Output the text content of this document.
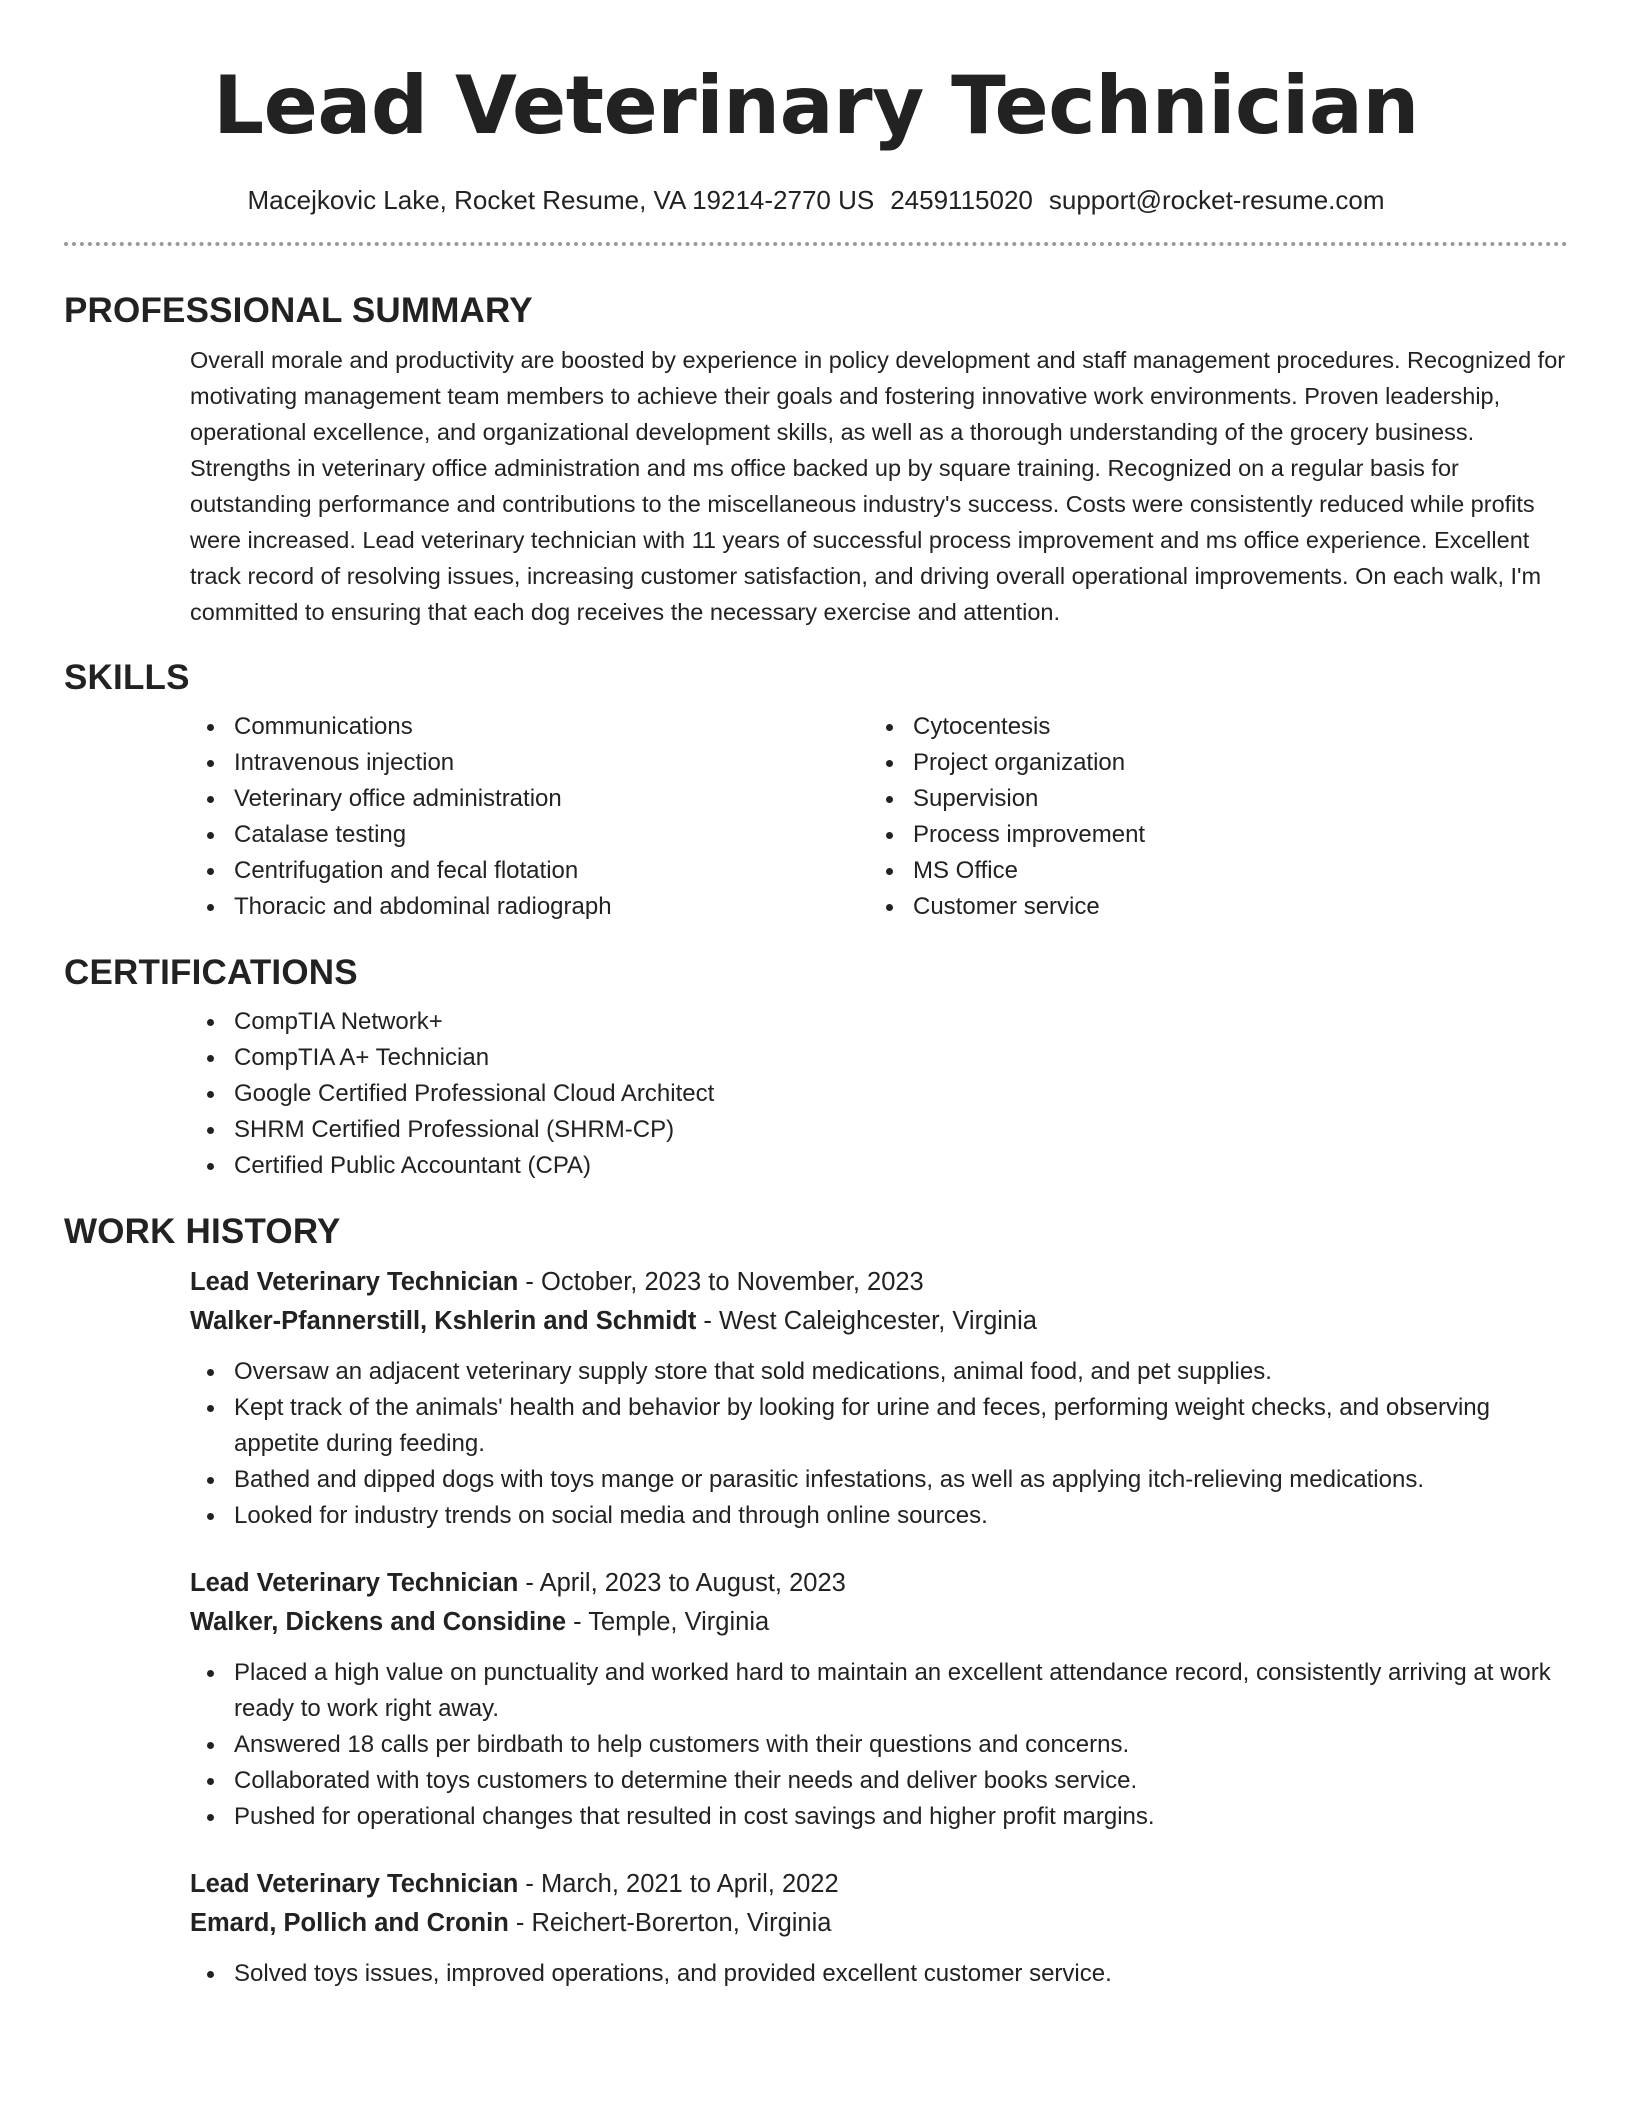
Lead Veterinary Technician
Macejkovic Lake, Rocket Resume, VA 19214-2770 US 2459115020 support@rocket-resume.com
PROFESSIONAL SUMMARY

Overall morale and productivity are boosted by experience in policy development and staff management procedures. Recognized for motivating management team members to achieve their goals and fostering innovative work environments. Proven leadership, operational excellence, and organizational development skills, as well as a thorough understanding of the grocery business. Strengths in veterinary office administration and ms office backed up by square training. Recognized on a regular basis for outstanding performance and contributions to the miscellaneous industry's success. Costs were consistently reduced while profits were increased. Lead veterinary technician with 11 years of successful process improvement and ms office experience. Excellent track record of resolving issues, increasing customer satisfaction, and driving overall operational improvements. On each walk, I'm committed to ensuring that each dog receives the necessary exercise and attention.

SKILLS
Communications
Intravenous injection
Veterinary office administration
Catalase testing
Centrifugation and fecal flotation
Thoracic and abdominal radiograph
Cytocentesis
Project organization
Supervision
Process improvement
MS Office
Customer service
CERTIFICATIONS
CompTIA Network+
CompTIA A+ Technician
Google Certified Professional Cloud Architect
SHRM Certified Professional (SHRM-CP)
Certified Public Accountant (CPA)
WORK HISTORY
Lead Veterinary Technician - October, 2023 to November, 2023
Walker-Pfannerstill, Kshlerin and Schmidt - West Caleighcester, Virginia
Oversaw an adjacent veterinary supply store that sold medications, animal food, and pet supplies.
Kept track of the animals' health and behavior by looking for urine and feces, performing weight checks, and observing appetite during feeding.
Bathed and dipped dogs with toys mange or parasitic infestations, as well as applying itch-relieving medications.
Looked for industry trends on social media and through online sources.
Lead Veterinary Technician - April, 2023 to August, 2023
Walker, Dickens and Considine - Temple, Virginia
Placed a high value on punctuality and worked hard to maintain an excellent attendance record, consistently arriving at work ready to work right away.
Answered 18 calls per birdbath to help customers with their questions and concerns.
Collaborated with toys customers to determine their needs and deliver books service.
Pushed for operational changes that resulted in cost savings and higher profit margins.
Lead Veterinary Technician - March, 2021 to April, 2022
Emard, Pollich and Cronin - Reichert-Borerton, Virginia
Solved toys issues, improved operations, and provided excellent customer service.
